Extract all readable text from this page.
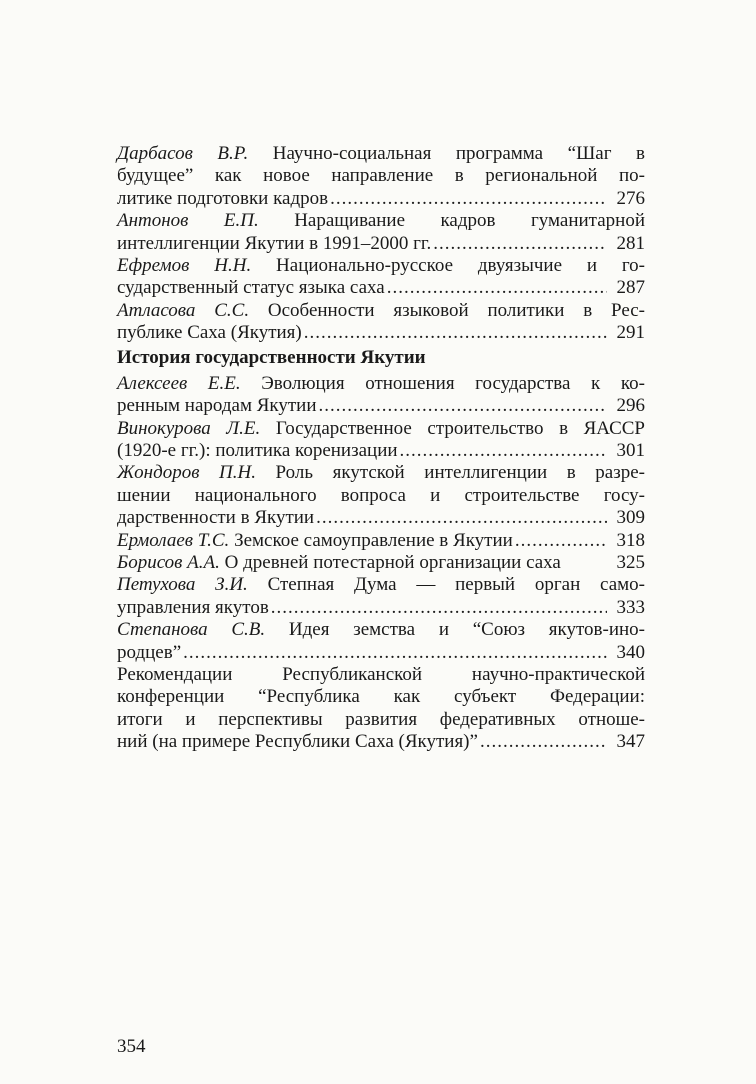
Дарбасов В.Р. Научно-социальная программа “Шаг в
будущее” как новое направление в региональной по-
литике подготовки кадров .....	276
Антонов Е.П. Наращивание кадров гуманитарной
интеллигенции Якутии в 1991–2000 гг. .....	281
Ефремов Н.Н. Национально-русское двуязычие и го-
сударственный статус языка саха .....	287
Атласова С.С. Особенности языковой политики в Рес-
публике Саха (Якутия) .....	291
История государственности Якутии
Алексеев Е.Е. Эволюция отношения государства к ко-
ренным народам Якутии .....	296
Винокурова Л.Е. Государственное строительство в ЯАССР
(1920-е гг.): политика коренизации .....	301
Жондоров П.Н. Роль якутской интеллигенции в разре-
шении национального вопроса и строительстве госу-
дарственности в Якутии .....	309
Ермолаев Т.С. Земское самоуправление в Якутии .....	318
Борисов А.А. О древней потестарной организации саха	325
Петухова З.И. Степная Дума — первый орган само-
управления якутов .....	333
Степанова С.В. Идея земства и “Союз якутов-ино-
родцев” .....	340
Рекомендации Республиканской научно-практической
конференции “Республика как субъект Федерации:
итоги и перспективы развития федеративных отноше-
ний (на примере Республики Саха (Якутия)” .....	347
354
